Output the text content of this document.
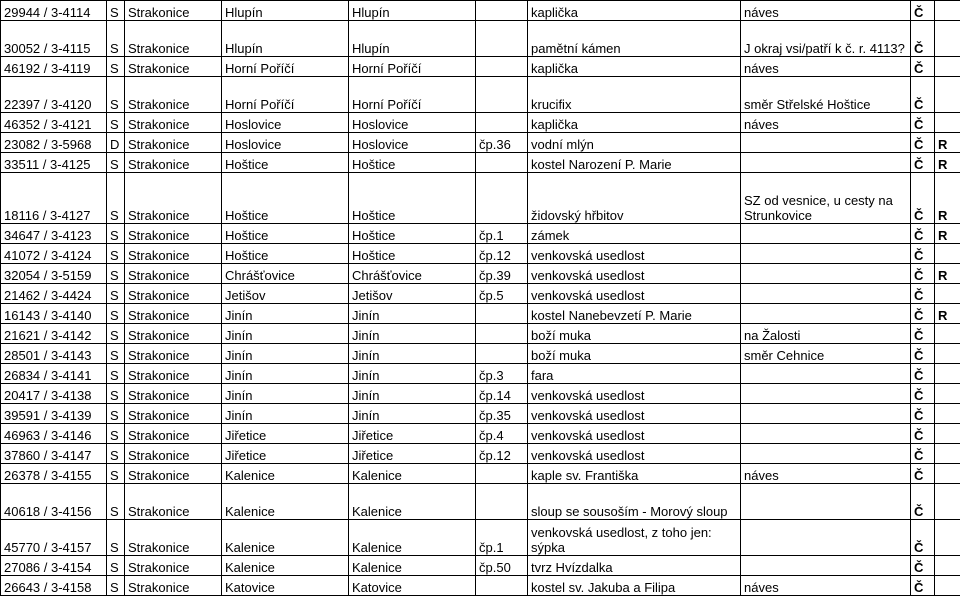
29944 / 3-4114	S	Strakonice	Hlupín	Hlupín		kaplička	náves	Č	
30052 / 3-4115	S	Strakonice	Hlupín	Hlupín		pamětní kámen	J okraj vsi/patří k č. r. 4113?	Č	
46192 / 3-4119	S	Strakonice	Horní Poříčí	Horní Poříčí		kaplička	náves	Č	
22397 / 3-4120	S	Strakonice	Horní Poříčí	Horní Poříčí		krucifix	směr Střelské Hoštice	Č	
46352 / 3-4121	S	Strakonice	Hoslovice	Hoslovice		kaplička	náves	Č	
23082 / 3-5968	D	Strakonice	Hoslovice	Hoslovice	čp.36	vodní mlýn		Č	R
33511 / 3-4125	S	Strakonice	Hoštice	Hoštice		kostel Narození P. Marie		Č	R
18116 / 3-4127	S	Strakonice	Hoštice	Hoštice		židovský hřbitov	SZ od vesnice, u cesty na Strunkovice	Č	R
34647 / 3-4123	S	Strakonice	Hoštice	Hoštice	čp.1	zámek		Č	R
41072 / 3-4124	S	Strakonice	Hoštice	Hoštice	čp.12	venkovská usedlost		Č	
32054 / 3-5159	S	Strakonice	Chrášťovice	Chrášťovice	čp.39	venkovská usedlost		Č	R
21462 / 3-4424	S	Strakonice	Jetišov	Jetišov	čp.5	venkovská usedlost		Č	
16143 / 3-4140	S	Strakonice	Jinín	Jinín		kostel Nanebevzetí P. Marie		Č	R
21621 / 3-4142	S	Strakonice	Jinín	Jinín		boží muka	na Žalosti	Č	
28501 / 3-4143	S	Strakonice	Jinín	Jinín		boží muka	směr Cehnice	Č	
26834 / 3-4141	S	Strakonice	Jinín	Jinín	čp.3	fara		Č	
20417 / 3-4138	S	Strakonice	Jinín	Jinín	čp.14	venkovská usedlost		Č	
39591 / 3-4139	S	Strakonice	Jinín	Jinín	čp.35	venkovská usedlost		Č	
46963 / 3-4146	S	Strakonice	Jiřetice	Jiřetice	čp.4	venkovská usedlost		Č	
37860 / 3-4147	S	Strakonice	Jiřetice	Jiřetice	čp.12	venkovská usedlost		Č	
26378 / 3-4155	S	Strakonice	Kalenice	Kalenice		kaple sv. Františka	náves	Č	
40618 / 3-4156	S	Strakonice	Kalenice	Kalenice		sloup se sousoším - Morový sloup		Č	
45770 / 3-4157	S	Strakonice	Kalenice	Kalenice	čp.1	venkovská usedlost, z toho jen: sýpka		Č	
27086 / 3-4154	S	Strakonice	Kalenice	Kalenice	čp.50	tvrz Hvízdalka		Č	
26643 / 3-4158	S	Strakonice	Katovice	Katovice		kostel sv. Jakuba a Filipa	náves	Č	
